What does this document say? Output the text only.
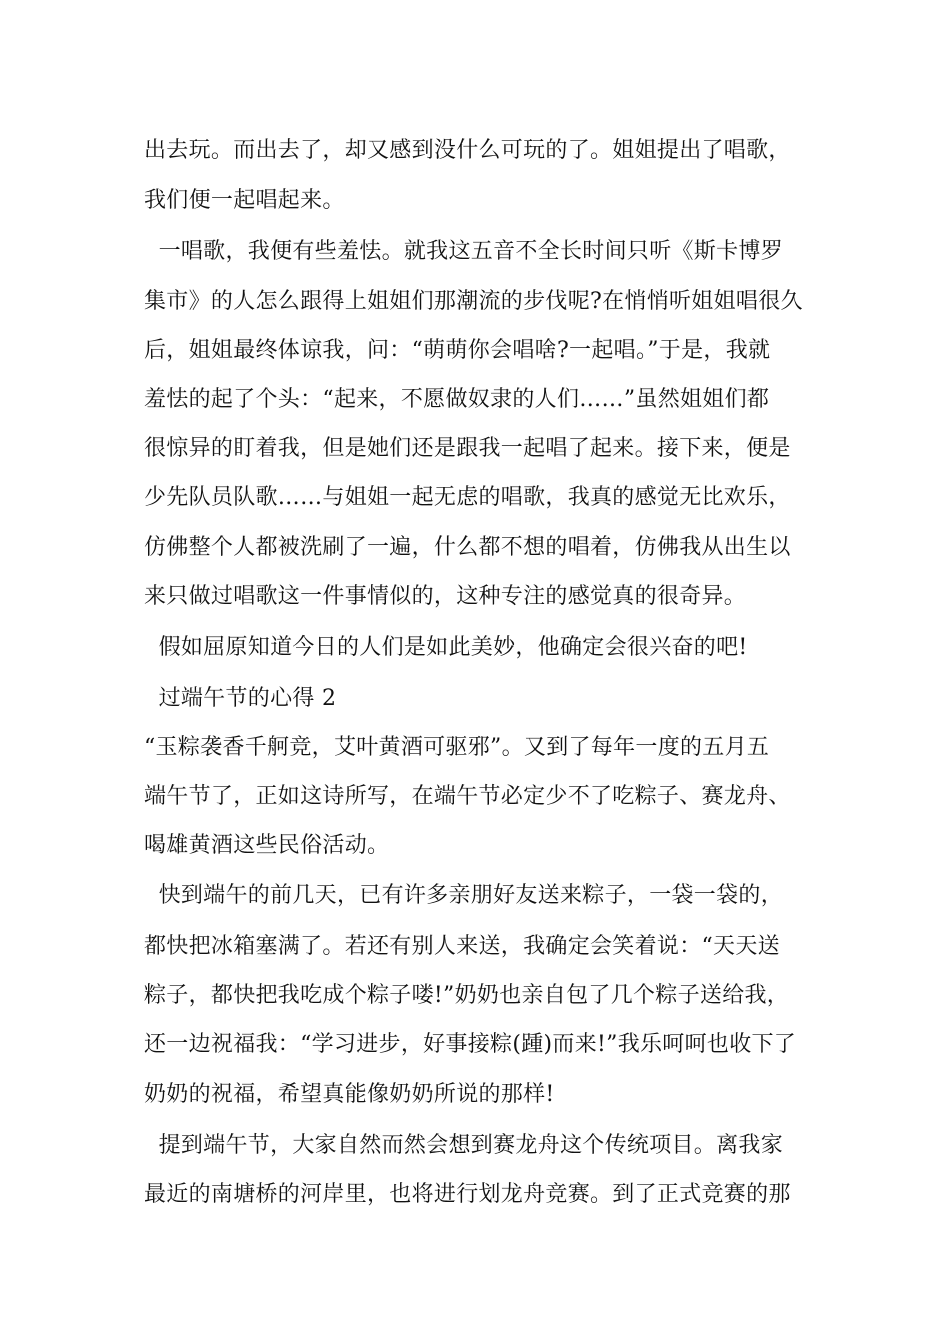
出去玩。而出去了，却又感到没什么可玩的了。姐姐提出了唱歌，
我们便一起唱起来。
一唱歌，我便有些羞怯。就我这五音不全长时间只听《斯卡博罗
集市》的人怎么跟得上姐姐们那潮流的步伐呢?在悄悄听姐姐唱很久
后，姐姐最终体谅我，问：“萌萌你会唱啥?一起唱。”于是，我就
羞怯的起了个头：“起来，不愿做奴隶的人们……”虽然姐姐们都
很惊异的盯着我，但是她们还是跟我一起唱了起来。接下来，便是
少先队员队歌……与姐姐一起无虑的唱歌，我真的感觉无比欢乐，
仿佛整个人都被洗刷了一遍，什么都不想的唱着，仿佛我从出生以
来只做过唱歌这一件事情似的，这种专注的感觉真的很奇异。
假如屈原知道今日的人们是如此美妙，他确定会很兴奋的吧!
过端午节的心得 2
“玉粽袭香千舸竞，艾叶黄酒可驱邪”。又到了每年一度的五月五
端午节了，正如这诗所写，在端午节必定少不了吃粽子、赛龙舟、
喝雄黄酒这些民俗活动。
快到端午的前几天，已有许多亲朋好友送来粽子，一袋一袋的，
都快把冰箱塞满了。若还有别人来送，我确定会笑着说：“天天送
粽子，都快把我吃成个粽子喽!”奶奶也亲自包了几个粽子送给我，
还一边祝福我：“学习进步，好事接粽(踵)而来!”我乐呵呵也收下了
奶奶的祝福，希望真能像奶奶所说的那样!
提到端午节，大家自然而然会想到赛龙舟这个传统项目。离我家
最近的南塘桥的河岸里，也将进行划龙舟竞赛。到了正式竞赛的那
